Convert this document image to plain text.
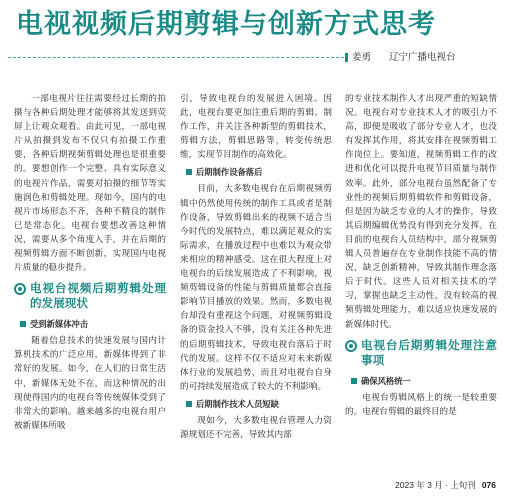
电视视频后期剪辑与创新方式思考
姜勇 辽宁广播电视台

一部电视片往往需要经过长期的拍摄与各种后期处理才能够将其发送到荧屏上让观众观看。由此可见，一部电视片从拍摄到发布不仅只有拍摄工作重要，各种后期视频剪辑处理也是很重要的。要想创作一个完整、具有实际意义的电视片作品，需要对拍摄的细节等实施润色和剪辑处理。现如今，国内的电视片市场形态不齐，各种不精良的制作已是常态化。电视台要想改善这种情况，需要从多个角度入手，并在后期的视频剪辑方面不断创新，实现国内电视片质量的稳步提升。

电视台视频后期剪辑处理的发展现状
受到新媒体冲击

随着信息技术的快速发展与国内计算机技术的广泛应用，新媒体得到了非常好的发展。如今，在人们的日常生活中，新媒体无处不在，而这种情况的出现使得国内的电视台等传统媒体受到了非常大的影响。越来越多的电视台用户被新媒体所吸

引，导致电视台的发展进入困境。因此，电视台要更加注重后期的剪辑、制作工作，并关注各种新型的剪辑技术，剪辑方法，剪辑思路等，转变传统思维，实现节目制作的高效化。

后期制作设备落后

目前，大多数电视台在后期视频剪辑中仍然使用传统的制作工具或者是制作设备，导致剪辑出来的视频不适合当今时代的发展特点，难以满足观众的实际需求，在播放过程中也难以为观众带来相应的精神感受。这在很大程度上对电视台的后续发展造成了不利影响，视频剪辑设备的性能与剪辑质量都会直接影响节目播放的效果。然而，多数电视台却没有重视这个问题，对视频剪辑设备的资金投入不够，没有关注各种先进的后期剪辑技术，导致电视台落后于时代的发展。这样不仅不适应对未来新媒体行业的发展趋势，而且对电视台自身的可持续发展造成了较大的不利影响。

后期制作技术人员短缺

现如今，大多数电视台管理人力资源规划还不完善，导致其内部

的专业技术制作人才出现严重的短缺情况。电视台对专业技术人才的吸引力不高，即便是吸收了部分专业人才，也没有发挥其作用，将其安排在视频剪辑工作岗位上。要知道，视频剪辑工作的改进和优化可以提升电视节目质量与制作效率。此外，部分电视台虽然配备了专业性的视频后期剪辑软件和剪辑设备，但是因为缺乏专业的人才的操作，导致其后期编辑优势没有得到充分发挥。在目前的电视台人员结构中，部分视频剪辑人员普遍存在专业制作技能不高的情况，缺乏创新精神，导致其制作理念落后于时代。这些人员对相关技术的学习，掌握也缺乏主动性，没有较高的视频剪辑处理能力，难以适应快速发展的新媒体时代。

电视台后期剪辑处理注意事项
确保风格统一

电视台剪辑风格上的统一是较重要的。电视台剪辑的最终目的是

2023 年 3 月 · 上旬刊 076
